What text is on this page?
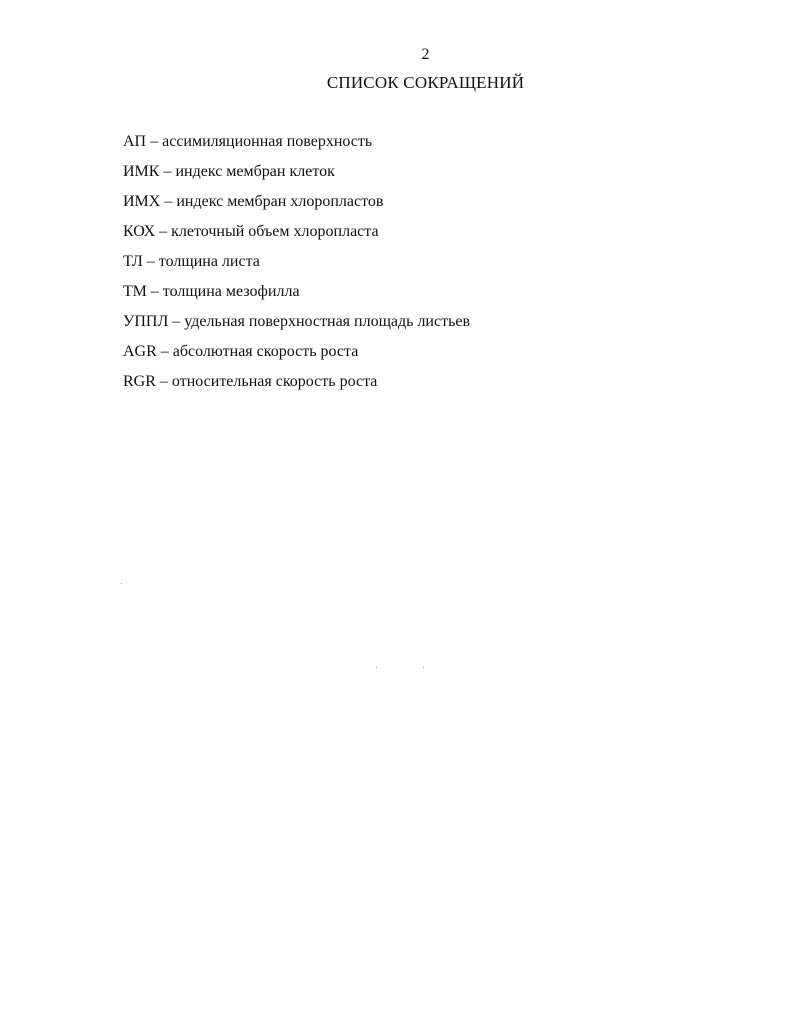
2
СПИСОК СОКРАЩЕНИЙ
АП – ассимиляционная поверхность
ИМК – индекс мембран клеток
ИМХ – индекс мембран хлоропластов
КОХ – клеточный объем хлоропласта
ТЛ – толщина листа
ТМ – толщина мезофилла
УППЛ – удельная поверхностная площадь листьев
AGR – абсолютная скорость роста
RGR – относительная скорость роста
